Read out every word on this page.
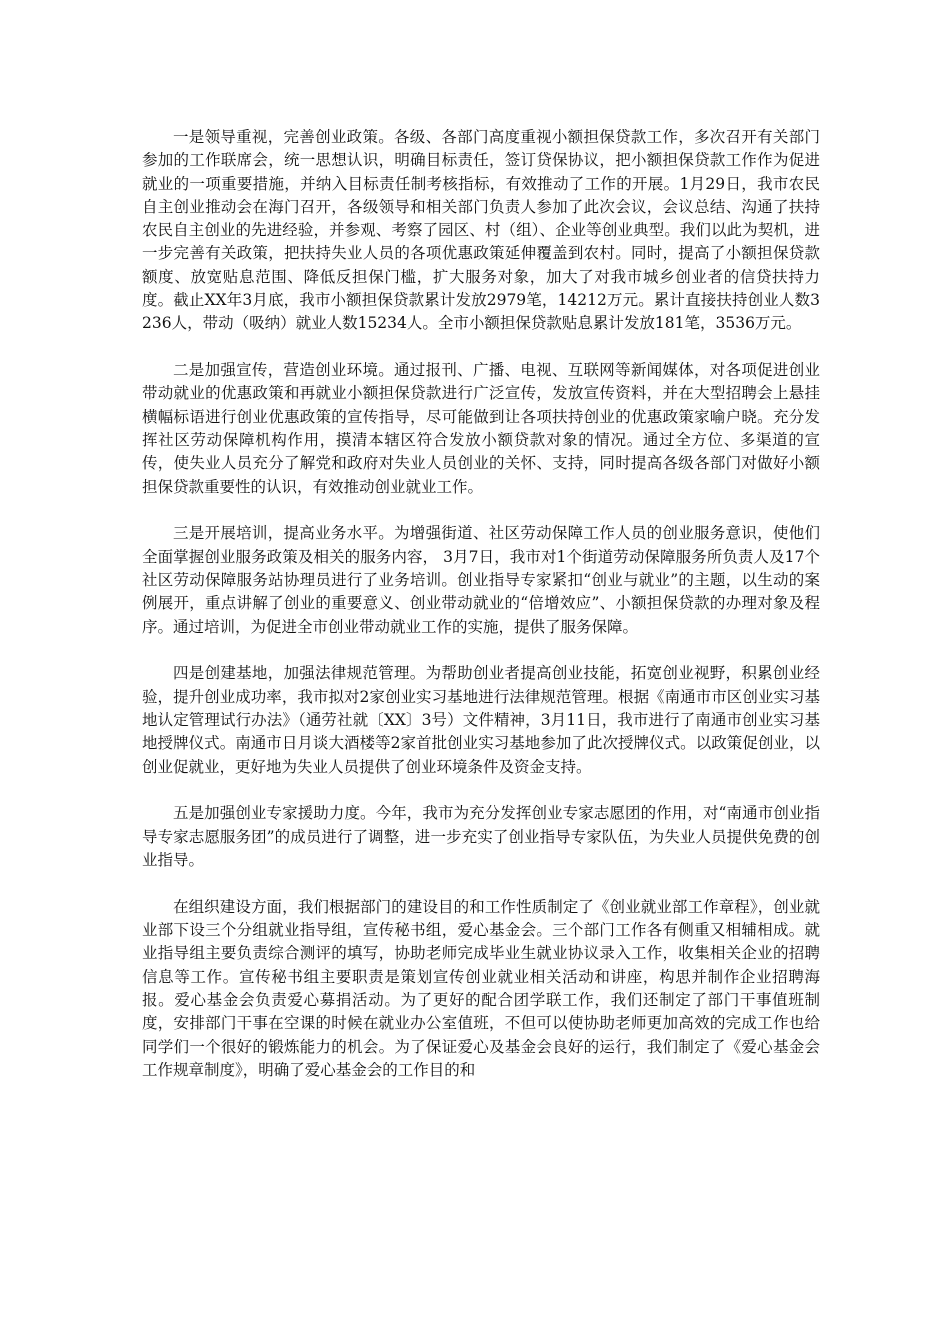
一是领导重视，完善创业政策。各级、各部门高度重视小额担保贷款工作，多次召开有关部门参加的工作联席会，统一思想认识，明确目标责任，签订贷保协议，把小额担保贷款工作作为促进就业的一项重要措施，并纳入目标责任制考核指标，有效推动了工作的开展。1月29日，我市农民自主创业推动会在海门召开，各级领导和相关部门负责人参加了此次会议，会议总结、沟通了扶持农民自主创业的先进经验，并参观、考察了园区、村（组）、企业等创业典型。我们以此为契机，进一步完善有关政策，把扶持失业人员的各项优惠政策延伸覆盖到农村。同时，提高了小额担保贷款额度、放宽贴息范围、降低反担保门槛，扩大服务对象，加大了对我市城乡创业者的信贷扶持力度。截止XX年3月底，我市小额担保贷款累计发放2979笔，14212万元。累计直接扶持创业人数3236人，带动（吸纳）就业人数15234人。全市小额担保贷款贴息累计发放181笔，3536万元。

二是加强宣传，营造创业环境。通过报刊、广播、电视、互联网等新闻媒体，对各项促进创业带动就业的优惠政策和再就业小额担保贷款进行广泛宣传，发放宣传资料，并在大型招聘会上悬挂横幅标语进行创业优惠政策的宣传指导，尽可能做到让各项扶持创业的优惠政策家喻户晓。充分发挥社区劳动保障机构作用，摸清本辖区符合发放小额贷款对象的情况。通过全方位、多渠道的宣传，使失业人员充分了解党和政府对失业人员创业的关怀、支持，同时提高各级各部门对做好小额担保贷款重要性的认识，有效推动创业就业工作。

三是开展培训，提高业务水平。为增强街道、社区劳动保障工作人员的创业服务意识，使他们全面掌握创业服务政策及相关的服务内容， 3月7日，我市对1个街道劳动保障服务所负责人及17个社区劳动保障服务站协理员进行了业务培训。创业指导专家紧扣“创业与就业”的主题，以生动的案例展开，重点讲解了创业的重要意义、创业带动就业的“倍增效应”、小额担保贷款的办理对象及程序。通过培训，为促进全市创业带动就业工作的实施，提供了服务保障。

四是创建基地，加强法律规范管理。为帮助创业者提高创业技能，拓宽创业视野，积累创业经验，提升创业成功率，我市拟对2家创业实习基地进行法律规范管理。根据《南通市市区创业实习基地认定管理试行办法》（通劳社就〔XX〕3号）文件精神，3月11日，我市进行了南通市创业实习基地授牌仪式。南通市日月谈大酒楼等2家首批创业实习基地参加了此次授牌仪式。以政策促创业，以创业促就业，更好地为失业人员提供了创业环境条件及资金支持。

五是加强创业专家援助力度。今年，我市为充分发挥创业专家志愿团的作用，对“南通市创业指导专家志愿服务团”的成员进行了调整，进一步充实了创业指导专家队伍，为失业人员提供免费的创业指导。

在组织建设方面，我们根据部门的建设目的和工作性质制定了《创业就业部工作章程》，创业就业部下设三个分组就业指导组，宣传秘书组，爱心基金会。三个部门工作各有侧重又相辅相成。就业指导组主要负责综合测评的填写，协助老师完成毕业生就业协议录入工作，收集相关企业的招聘信息等工作。宣传秘书组主要职责是策划宣传创业就业相关活动和讲座，构思并制作企业招聘海报。爱心基金会负责爱心募捐活动。为了更好的配合团学联工作，我们还制定了部门干事值班制度，安排部门干事在空课的时候在就业办公室值班，不但可以使协助老师更加高效的完成工作也给同学们一个很好的锻炼能力的机会。为了保证爱心及基金会良好的运行，我们制定了《爱心基金会工作规章制度》，明确了爱心基金会的工作目的和
